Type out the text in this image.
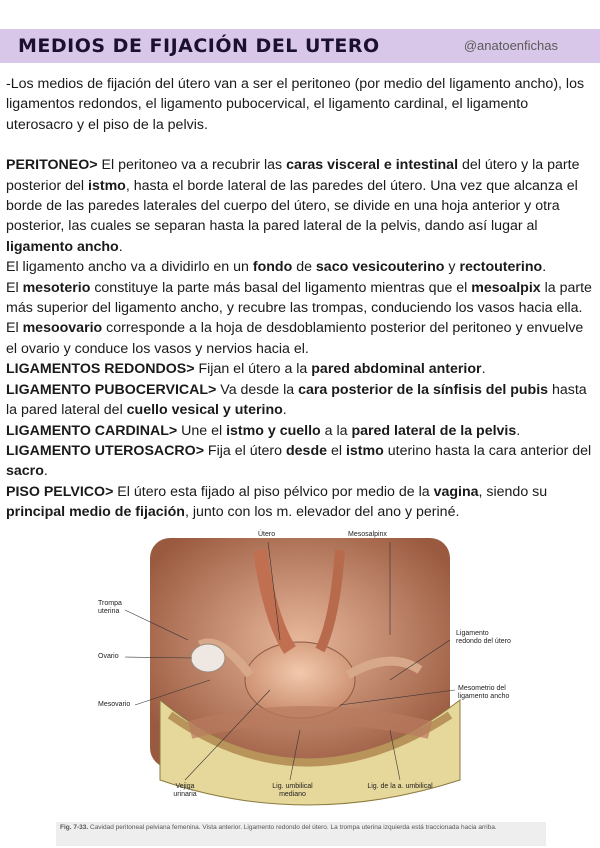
MEDIOS DE FIJACIÓN DEL UTERO	@anatoenfichas

-Los medios de fijación del útero van a ser el peritoneo (por medio del ligamento ancho), los ligamentos redondos, el ligamento pubocervical, el ligamento cardinal, el ligamento uterosacro y el piso de la pelvis.

PERITONEO> El peritoneo va a recubrir las caras visceral e intestinal del útero y la parte posterior del istmo, hasta el borde lateral de las paredes del útero. Una vez que alcanza el borde de las paredes laterales del cuerpo del útero, se divide en una hoja anterior y otra posterior, las cuales se separan hasta la pared lateral de la pelvis, dando así lugar al ligamento ancho.

El ligamento ancho va a dividirlo en un fondo de saco vesicouterino y rectouterino.

El mesoterio constituye la parte más basal del ligamento mientras que el mesoalpix la parte más superior del ligamento ancho, y recubre las trompas, conduciendo los vasos hacia ella. El mesoovario corresponde a la hoja de desdoblamiento posterior del peritoneo y envuelve el ovario y conduce los vasos y nervios hacia el.

LIGAMENTOS REDONDOS> Fijan el útero a la pared abdominal anterior.

LIGAMENTO PUBOCERVICAL> Va desde la cara posterior de la sínfisis del pubis hasta la pared lateral del cuello vesical y uterino.

LIGAMENTO CARDINAL> Une el istmo y cuello a la pared lateral de la pelvis.

LIGAMENTO UTEROSACRO> Fija el útero desde el istmo uterino hasta la cara anterior del sacro.

PISO PELVICO> El útero esta fijado al piso pélvico por medio de la vagina, siendo su principal medio de fijación, junto con los m. elevador del ano y periné.

Útero	Mesosalpinx
Trompa uterina
Ovario
Ligamento redondo del útero
Mesovario
Mesometrio del ligamento ancho
Vejiga urinaria
Lig. umbilical mediano
Lig. de la a. umbilical
Fig. 7-33. Cavidad peritoneal pelviana femenina. Vista anterior. Ligamento redondo del útero. La trompa uterina izquierda está traccionada hacia arriba.
